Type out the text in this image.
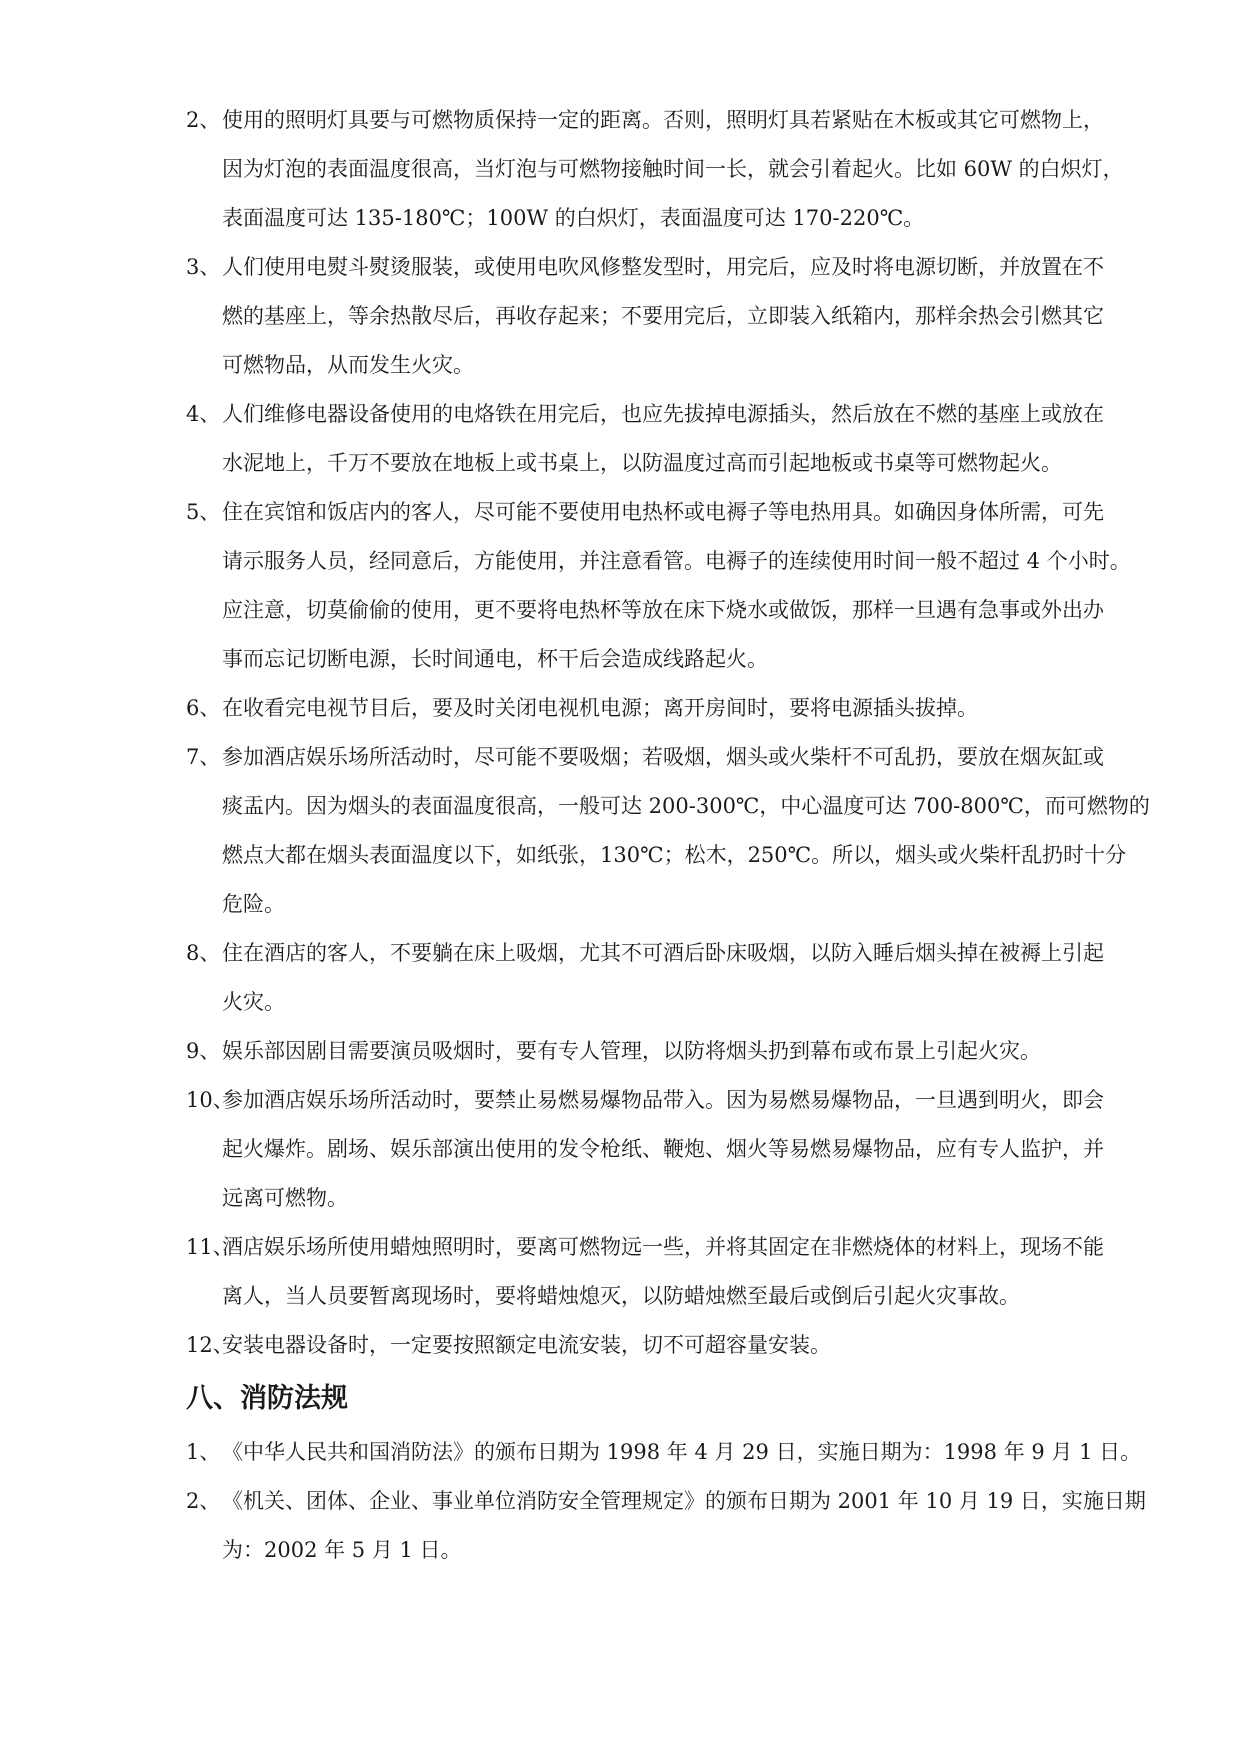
2、 使用的照明灯具要与可燃物质保持一定的距离。否则，照明灯具若紧贴在木板或其它可燃物上，
因为灯泡的表面温度很高，当灯泡与可燃物接触时间一长，就会引着起火。比如 60W 的白炽灯，
表面温度可达 135-180℃；100W 的白炽灯，表面温度可达 170-220℃。
3、 人们使用电熨斗熨烫服装，或使用电吹风修整发型时，用完后，应及时将电源切断，并放置在不
燃的基座上，等余热散尽后，再收存起来；不要用完后，立即装入纸箱内，那样余热会引燃其它
可燃物品，从而发生火灾。
4、 人们维修电器设备使用的电烙铁在用完后，也应先拔掉电源插头，然后放在不燃的基座上或放在
水泥地上，千万不要放在地板上或书桌上，以防温度过高而引起地板或书桌等可燃物起火。
5、 住在宾馆和饭店内的客人，尽可能不要使用电热杯或电褥子等电热用具。如确因身体所需，可先
请示服务人员，经同意后，方能使用，并注意看管。电褥子的连续使用时间一般不超过 4 个小时。
应注意，切莫偷偷的使用，更不要将电热杯等放在床下烧水或做饭，那样一旦遇有急事或外出办
事而忘记切断电源，长时间通电，杯干后会造成线路起火。
6、 在收看完电视节目后，要及时关闭电视机电源；离开房间时，要将电源插头拔掉。
7、 参加酒店娱乐场所活动时，尽可能不要吸烟；若吸烟，烟头或火柴杆不可乱扔，要放在烟灰缸或
痰盂内。因为烟头的表面温度很高，一般可达 200-300℃，中心温度可达 700-800℃，而可燃物的
燃点大都在烟头表面温度以下，如纸张，130℃；松木，250℃。所以，烟头或火柴杆乱扔时十分
危险。
8、 住在酒店的客人，不要躺在床上吸烟，尤其不可酒后卧床吸烟，以防入睡后烟头掉在被褥上引起
火灾。
9、 娱乐部因剧目需要演员吸烟时，要有专人管理，以防将烟头扔到幕布或布景上引起火灾。
10、
参加酒店娱乐场所活动时，要禁止易燃易爆物品带入。因为易燃易爆物品，一旦遇到明火，即会
起火爆炸。剧场、娱乐部演出使用的发令枪纸、鞭炮、烟火等易燃易爆物品，应有专人监护，并
远离可燃物。
11、
酒店娱乐场所使用蜡烛照明时，要离可燃物远一些，并将其固定在非燃烧体的材料上，现场不能
离人，当人员要暂离现场时，要将蜡烛熄灭，以防蜡烛燃至最后或倒后引起火灾事故。
12、
安装电器设备时，一定要按照额定电流安装，切不可超容量安装。
八、消防法规
1、 《中华人民共和国消防法》的颁布日期为 1998 年 4 月 29 日，实施日期为：1998 年 9 月 1 日。
2、 《机关、团体、企业、事业单位消防安全管理规定》的颁布日期为 2001 年 10 月 19 日，实施日期
为：2002 年 5 月 1 日。
